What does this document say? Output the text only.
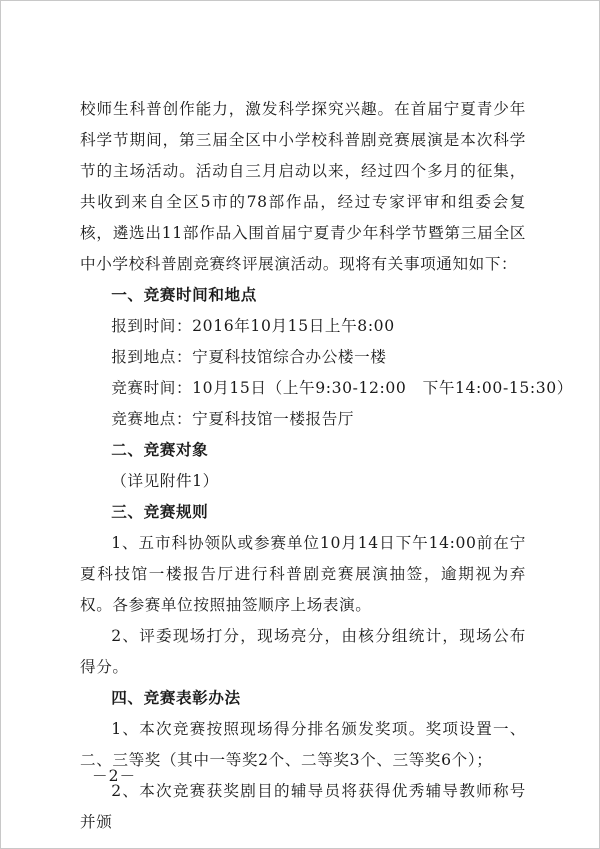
校师生科普创作能力，激发科学探究兴趣。在首届宁夏青少年科学节期间，第三届全区中小学校科普剧竞赛展演是本次科学节的主场活动。活动自三月启动以来，经过四个多月的征集，共收到来自全区5市的78部作品，经过专家评审和组委会复核，遴选出11部作品入围首届宁夏青少年科学节暨第三届全区中小学校科普剧竞赛终评展演活动。现将有关事项通知如下：

一、竞赛时间和地点

报到时间：2016年10月15日上午8:00

报到地点：宁夏科技馆综合办公楼一楼

竞赛时间：10月15日（上午9:30-12:00　下午14:00-15:30）

竞赛地点：宁夏科技馆一楼报告厅

二、竞赛对象

（详见附件1）

三、竞赛规则

1、五市科协领队或参赛单位10月14日下午14:00前在宁夏科技馆一楼报告厅进行科普剧竞赛展演抽签，逾期视为弃权。各参赛单位按照抽签顺序上场表演。

2、评委现场打分，现场亮分，由核分组统计，现场公布得分。

四、竞赛表彰办法

1、本次竞赛按照现场得分排名颁发奖项。奖项设置一、二、三等奖（其中一等奖2个、二等奖3个、三等奖6个）；

2、本次竞赛获奖剧目的辅导员将获得优秀辅导教师称号并颁

－2－
